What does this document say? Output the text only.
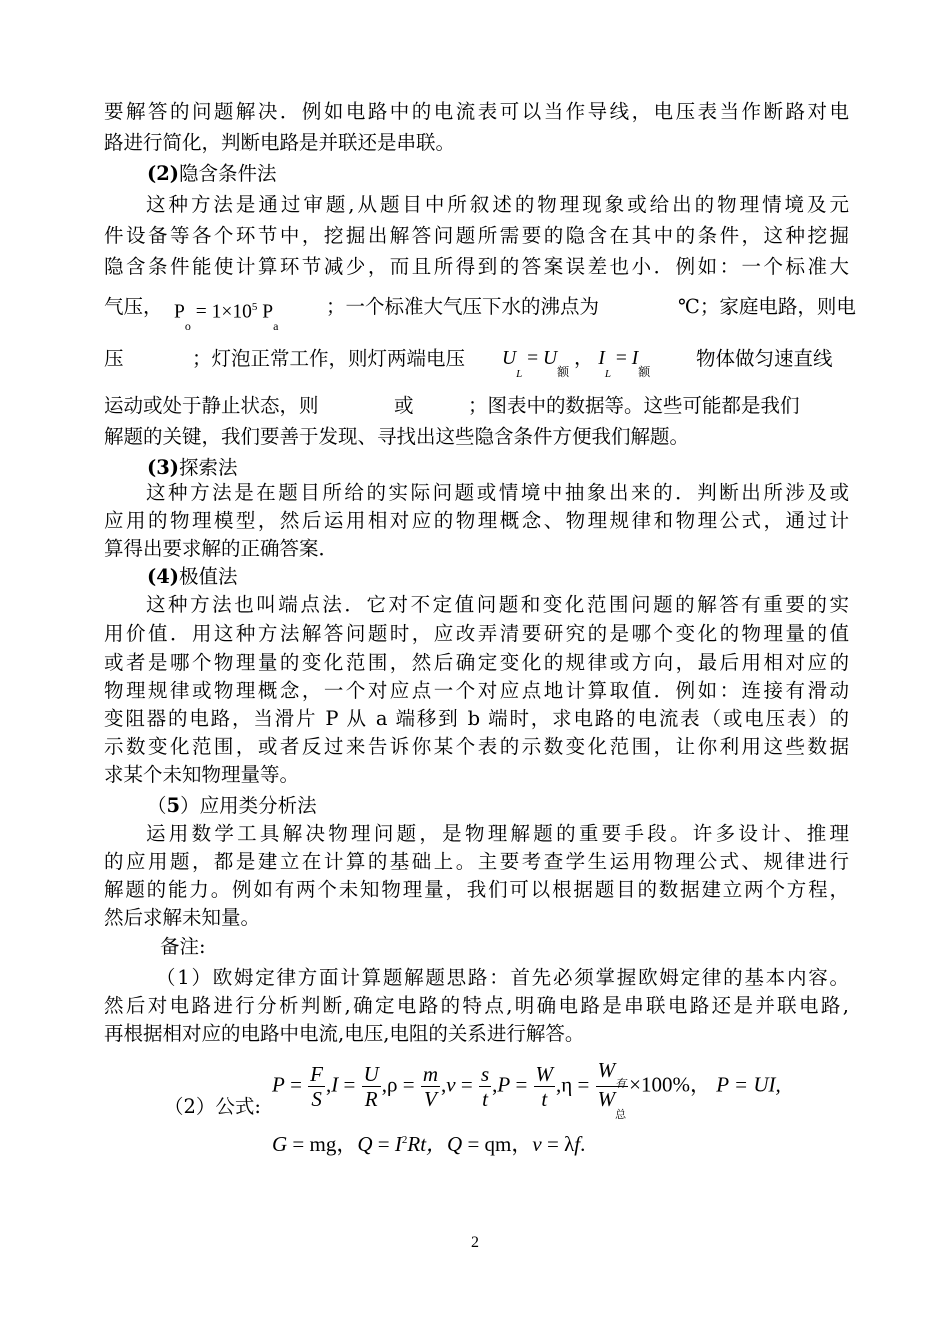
要解答的问题解决．例如电路中的电流表可以当作导线，电压表当作断路对电
路进行简化，判断电路是并联还是串联。
(2)隐含条件法
这种方法是通过审题,从题目中所叙述的物理现象或给出的物理情境及元
件设备等各个环节中，挖掘出解答问题所需要的隐含在其中的条件，这种挖掘
隐含条件能使计算环节减少，而且所得到的答案误差也小．例如：一个标准大
气压， $P_o = 1\times 10^5$ $P_a$
；一个标准大气压下水的沸点为	℃；家庭电路，则电
压	；灯泡正常工作，则灯两端电压 $U_L = U_额$ ， $I_L = I_额$
物体做匀速直线
运动或处于静止状态，则	或	；图表中的数据等。这些可能都是我们
解题的关键，我们要善于发现、寻找出这些隐含条件方便我们解题。
(3)探索法
这种方法是在题目所给的实际问题或情境中抽象出来的．判断出所涉及或
应用的物理模型，然后运用相对应的物理概念、物理规律和物理公式，通过计
算得出要求解的正确答案．
(4)极值法
这种方法也叫端点法．它对不定值问题和变化范围问题的解答有重要的实
用价值．用这种方法解答问题时，应改弄清要研究的是哪个变化的物理量的值
或者是哪个物理量的变化范围，然后确定变化的规律或方向，最后用相对应的
物理规律或物理概念，一个对应点一个对应点地计算取值．例如：连接有滑动
变阻器的电路，当滑片 P 从 a 端移到 b 端时，求电路的电流表（或电压表）的
示数变化范围，或者反过来告诉你某个表的示数变化范围，让你利用这些数据
求某个未知物理量等。
（5）应用类分析法
运用数学工具解决物理问题，是物理解题的重要手段。许多设计、推理
的应用题，都是建立在计算的基础上。主要考查学生运用物理公式、规律进行
解题的能力。例如有两个未知物理量，我们可以根据题目的数据建立两个方程，
然后求解未知量。
备注:
（1）欧姆定律方面计算题解题思路：首先必须掌握欧姆定律的基本内容。
然后对电路进行分析判断,确定电路的特点,明确电路是串联电路还是并联电路,
再根据相对应的电路中电流,电压,电阻的关系进行解答。
（2）公式:
$P = \frac{F}{S} ,I = \frac{U}{R} ,\rho = \frac{m}{V} ,v = \frac{s}{t} ,P = \frac{W}{t} ,\eta = \frac{W_有}{W_总} \times 100\%$， P = UI,
G = mg，$Q = I^2Rt$，Q = qm，v = λf.
2
